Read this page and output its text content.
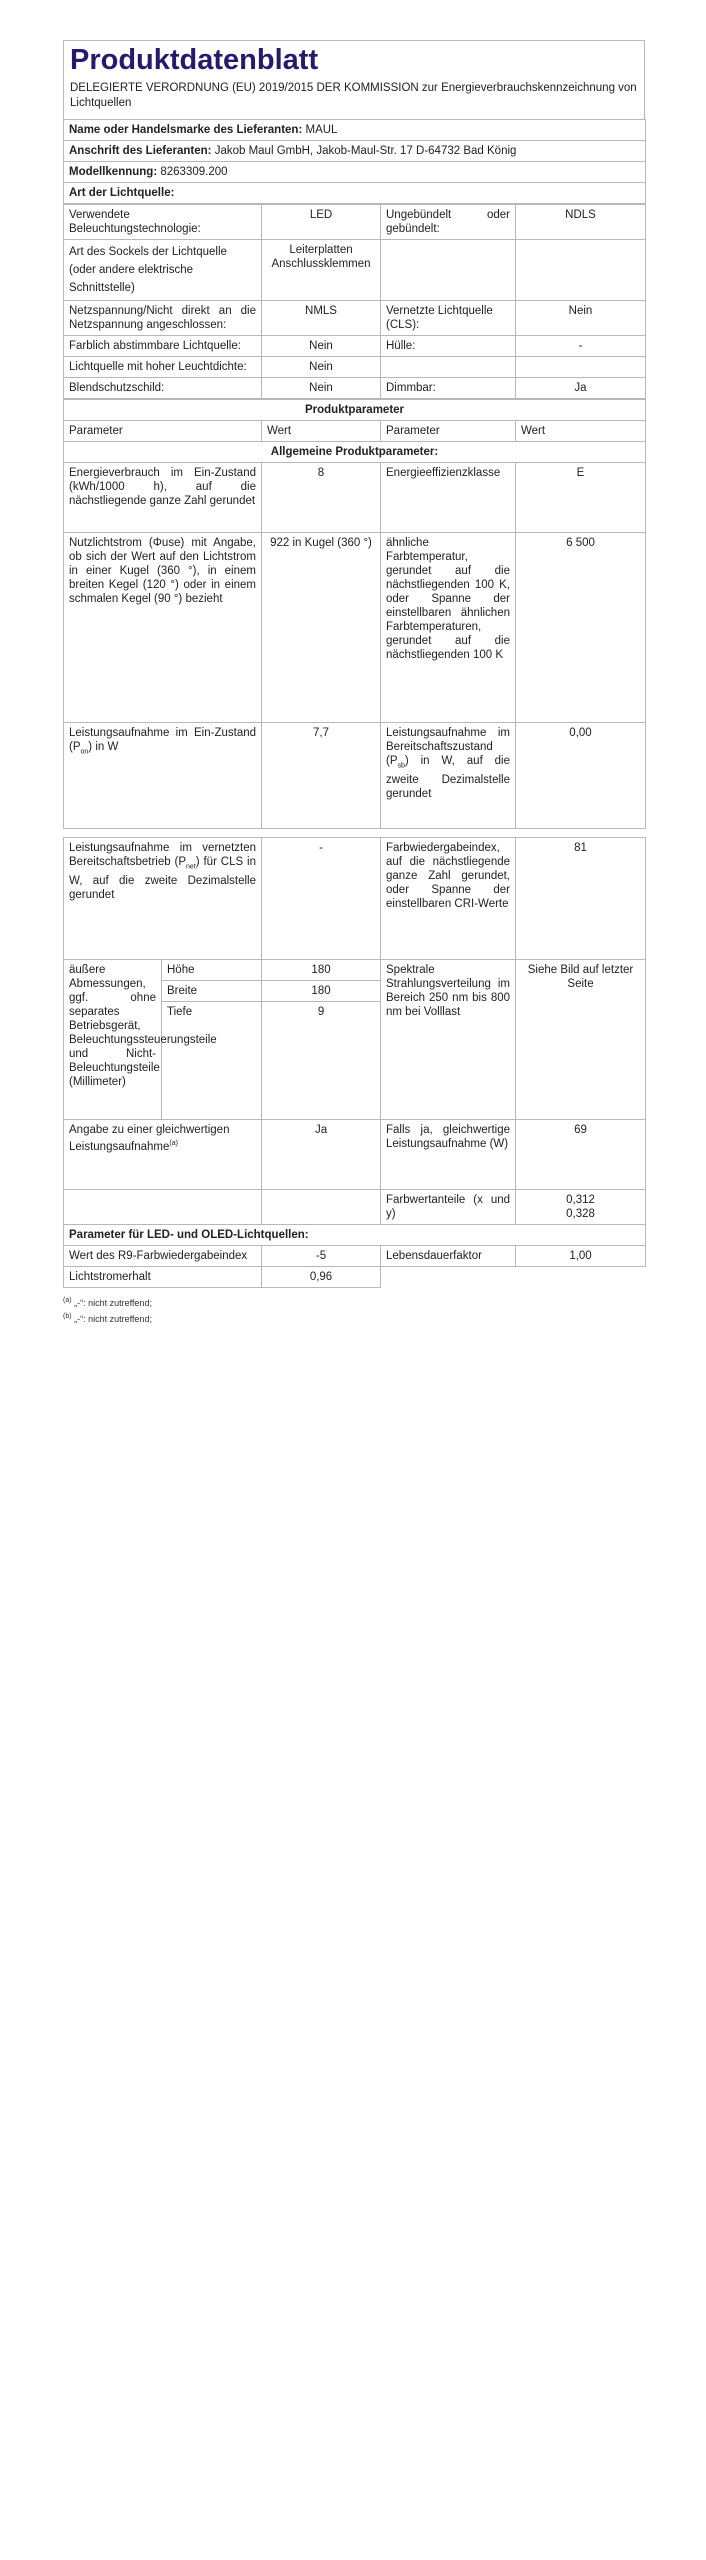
Produktdatenblatt
DELEGIERTE VERORDNUNG (EU) 2019/2015 DER KOMMISSION zur Energieverbrauchskennzeichnung von Lichtquellen
Name oder Handelsmarke des Lieferanten: MAUL
Anschrift des Lieferanten: Jakob Maul GmbH, Jakob-Maul-Str. 17 D-64732 Bad König
Modellkennung: 8263309.200
Art der Lichtquelle:
Verwendete Beleuchtungstechnologie:	LED	Ungebündelt oder gebündelt:	NDLS
Art des Sockels der Lichtquelle (oder andere elektrische Schnittstelle)	Leiterplatten Anschlussklemmen		
Netzspannung/Nicht direkt an die Netzspannung angeschlossen:	NMLS	Vernetzte Lichtquelle (CLS):	Nein
Farblich abstimmbare Lichtquelle:	Nein	Hülle:	-
Lichtquelle mit hoher Leuchtdichte:	Nein		
Blendschutzschild:	Nein	Dimmbar:	Ja
Produktparameter			
Parameter	Wert	Parameter	Wert
Allgemeine Produktparameter:			
Energieverbrauch im Ein-Zustand (kWh/1000 h), auf die nächstliegende ganze Zahl gerundet	8	Energieeffizienzklasse	E
Nutzlichtstrom (Φuse) mit Angabe, ob sich der Wert auf den Lichtstrom in einer Kugel (360 °), in einem breiten Kegel (120 °) oder in einem schmalen Kegel (90 °) bezieht	922 in Kugel (360 °)	ähnliche Farbtemperatur, gerundet auf die nächstliegenden 100 K, oder Spanne der einstellbaren ähnlichen Farbtemperaturen, gerundet auf die nächstliegenden 100 K	6 500
Leistungsaufnahme im Ein-Zustand $(P_{on})$ in W	7,7	Leistungsaufnahme im Bereitschaftszustand $(P_{sb})$ in W, auf die zweite Dezimalstelle gerundet	0,00
Leistungsaufnahme im vernetzten Bereitschaftsbetrieb $(P_{net})$ für CLS in W, auf die zweite Dezimalstelle gerundet		-	Farbwiedergabeindex, auf die nächstliegende ganze Zahl gerundet, oder Spanne der einstellbaren CRI-Werte	81
äußere Abmessungen, ggf. ohne separates Betriebsgerät, Beleuchtungssteuerungsteile und Nicht-Beleuchtungsteile (Millimeter)	Höhe	180	Spektrale Strahlungsverteilung im Bereich 250 nm bis 800 nm bei Volllast	Siehe Bild auf letzter Seite
	Breite	180		
	Tiefe	9		
Angabe zu einer gleichwertigen Leistungsaufnahme$^{(a)}$		Ja	Falls ja, gleichwertige Leistungsaufnahme (W)	69
			Farbwertanteile (x und y)	0,312
0,328

Parameter für LED- und OLED-Lichtquellen:				
Wert des R9-Farbwiedergabeindex		-5	Lebensdauerfaktor	1,00
Lichtstromerhalt		0,96		
$^{(a)}$ „-“: nicht zutreffend;
$^{(b)}$ „-“: nicht zutreffend;
